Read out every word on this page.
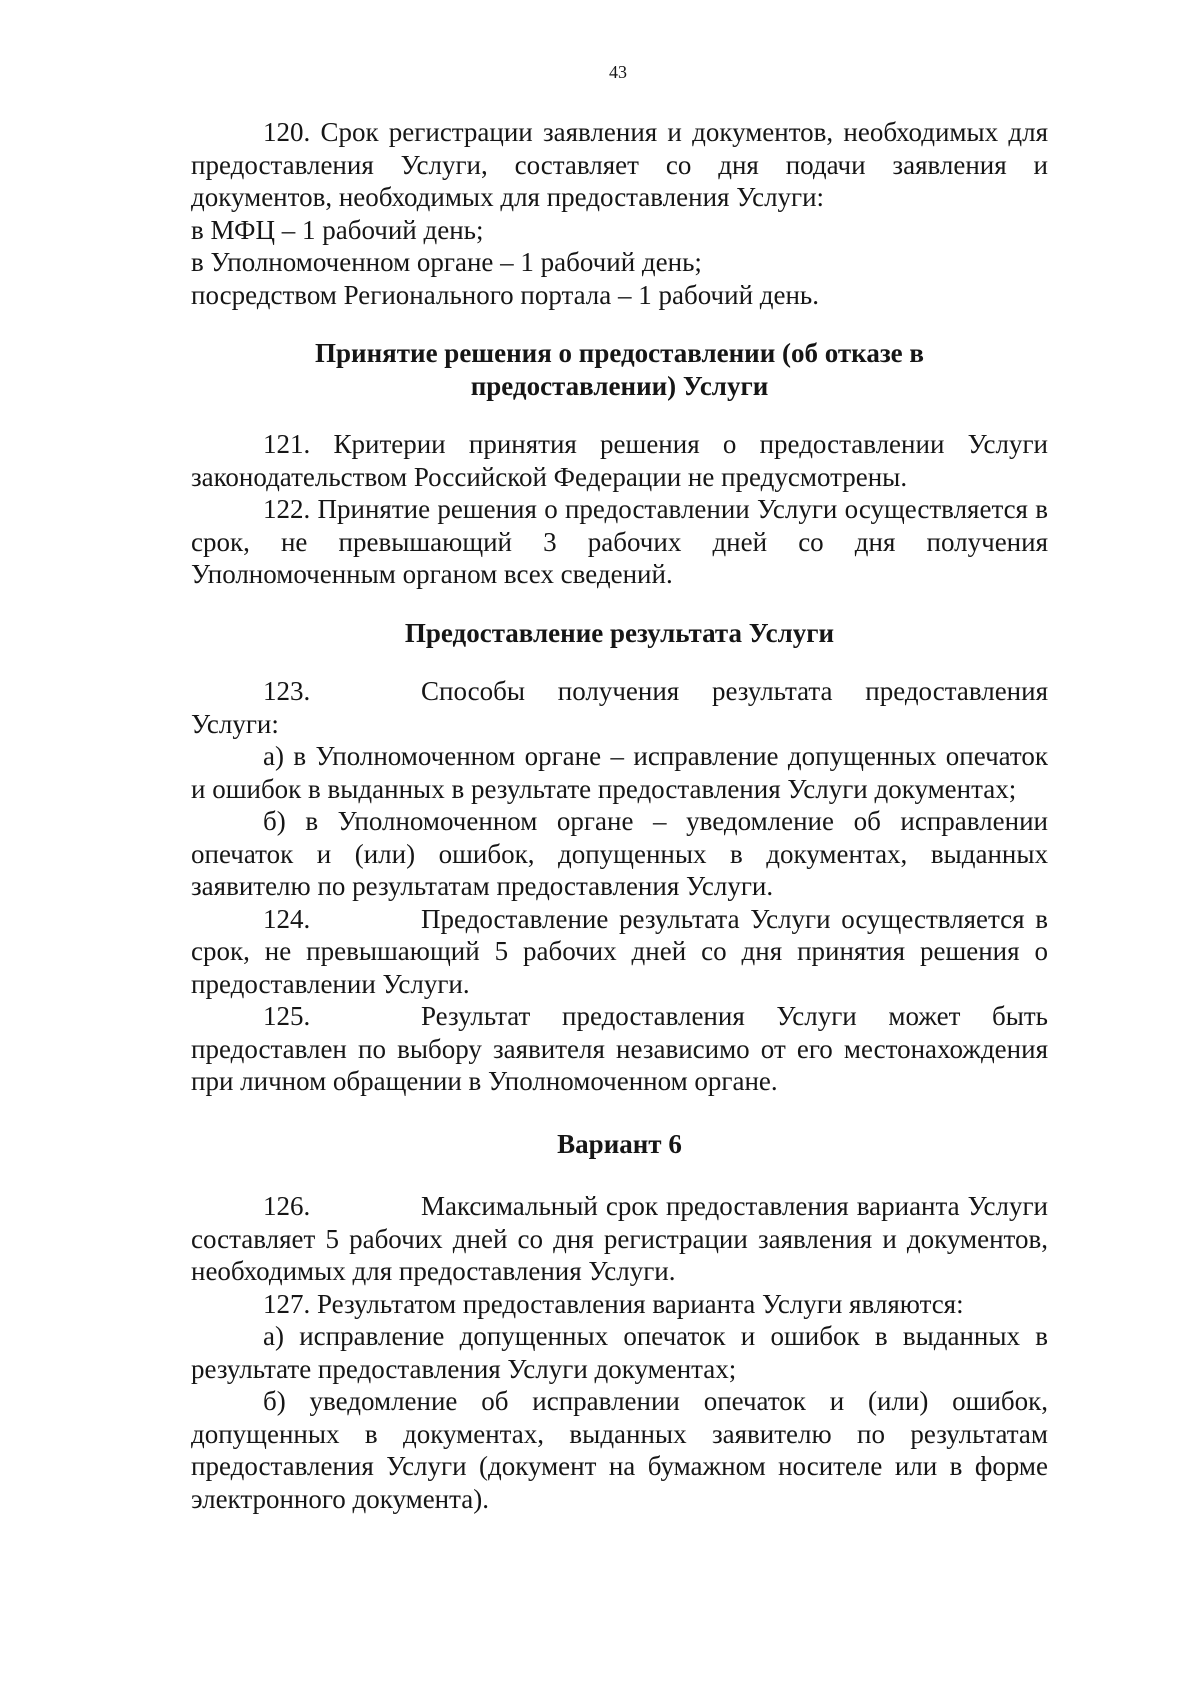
43

120. Срок регистрации заявления и документов, необходимых для предоставления Услуги, составляет со дня подачи заявления и документов, необходимых для предоставления Услуги:

в МФЦ – 1 рабочий день;

в Уполномоченном органе – 1 рабочий день;

посредством Регионального портала – 1 рабочий день.

Принятие решения о предоставлении (об отказе в предоставлении) Услуги

121. Критерии принятия решения о предоставлении Услуги законодательством Российской Федерации не предусмотрены.

122. Принятие решения о предоставлении Услуги осуществляется в срок, не превышающий 3 рабочих дней со дня получения Уполномоченным органом всех сведений.

Предоставление результата Услуги

123.	Способы получения результата предоставления Услуги:

а) в Уполномоченном органе – исправление допущенных опечаток и ошибок в выданных в результате предоставления Услуги документах;

б) в Уполномоченном органе – уведомление об исправлении опечаток и (или) ошибок, допущенных в документах, выданных заявителю по результатам предоставления Услуги.

124.	Предоставление результата Услуги осуществляется в срок, не превышающий 5 рабочих дней со дня принятия решения о предоставлении Услуги.

125.	Результат предоставления Услуги может быть предоставлен по выбору заявителя независимо от его местонахождения при личном обращении в Уполномоченном органе.

Вариант 6

126.	Максимальный срок предоставления варианта Услуги составляет 5 рабочих дней со дня регистрации заявления и документов, необходимых для предоставления Услуги.

127. Результатом предоставления варианта Услуги являются:

а) исправление допущенных опечаток и ошибок в выданных в результате предоставления Услуги документах;

б) уведомление об исправлении опечаток и (или) ошибок, допущенных в документах, выданных заявителю по результатам предоставления Услуги (документ на бумажном носителе или в форме электронного документа).
